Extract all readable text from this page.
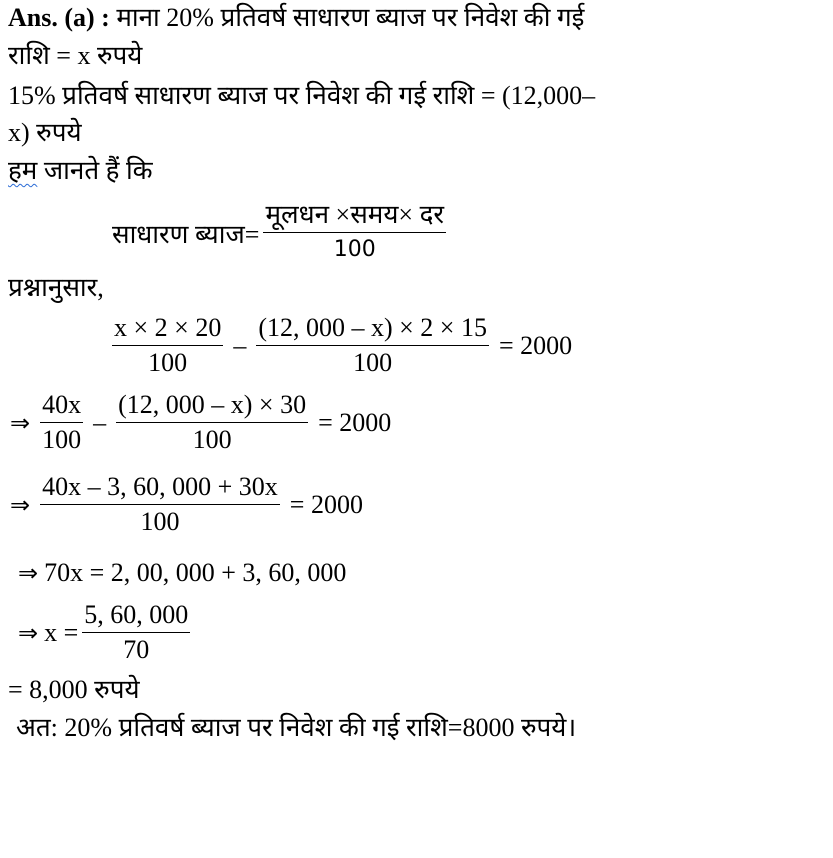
Ans. (a) : माना 20% प्रतिवर्ष साधारण ब्याज पर निवेश की गई
राशि = x रुपये
15% प्रतिवर्ष साधारण ब्याज पर निवेश की गई राशि = (12,000–
x) रुपये
हम जानते हैं कि
साधारण ब्याज= $\frac{\text{मूलधन ×समय× दर}}{100}$
प्रश्नानुसार,
$\frac{x \times 2 \times 20}{100} - \frac{(12, 000 - x) \times 2 \times 15}{100} = 2000$
⇒ $\frac{40x}{100} - \frac{(12, 000 - x) \times 30}{100} = 2000$
⇒ $\frac{40x - 3, 60, 000 + 30x}{100} = 2000$
⇒ 70x = 2, 00, 000 + 3, 60, 000
⇒ $x = \frac{5, 60, 000}{70}$
= 8,000 रुपये
अत: 20% प्रतिवर्ष ब्याज पर निवेश की गई राशि=8000 रुपये।
